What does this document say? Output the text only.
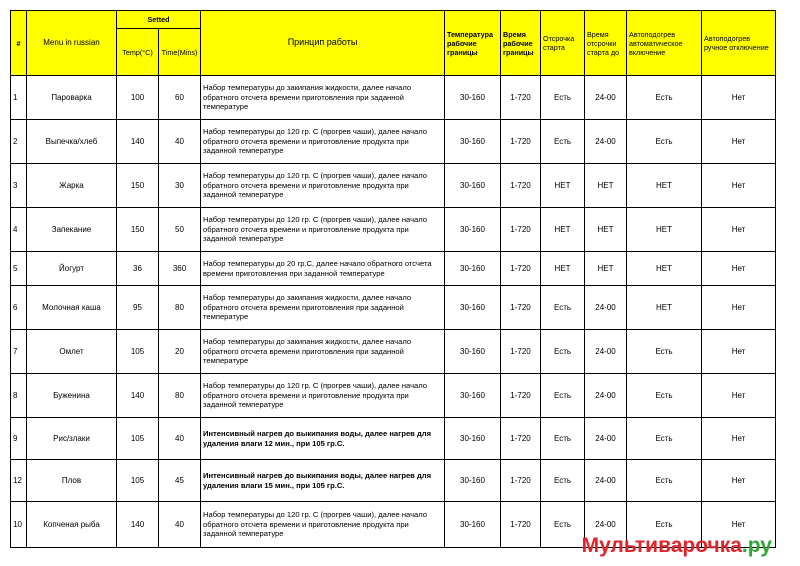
#	Menu in russian	Setted		Принцип работы	Температура рабочие границы	Время рабочие границы	Отсрочка старта	Время отсрочки старта до	Автоподогрев автоматическое включение	Автоподогрев ручное отключение
		Temp(°C)	Time(Mins)							
1	Пароварка	100	60	Набор температуры до закипания жидкости, далее начало обратного отсчета времени приготовления при заданной температуре	30-160	1-720	Есть	24-00	Есть	Нет
2	Выпечка/хлеб	140	40	Набор температуры до 120 гр. С (прогрев чаши), далее начало обратного отсчета времени и приготовление продукта при заданной температуре	30-160	1-720	Есть	24-00	Есть	Нет
3	Жарка	150	30	Набор температуры до 120 гр. С (прогрев чаши), далее начало обратного отсчета времени и приготовление продукта при заданной температуре	30-160	1-720	НЕТ	НЕТ	НЕТ	Нет
4	Запекание	150	50	Набор температуры до 120 гр. С (прогрев чаши), далее начало обратного отсчета времени и приготовление продукта при заданной температуре	30-160	1-720	НЕТ	НЕТ	НЕТ	Нет
5	Йогурт	36	360	Набор температуры до 20 гр.С, далее начало обратного отсчета времени приготовления при заданной температуре	30-160	1-720	НЕТ	НЕТ	НЕТ	Нет
6	Молочная каша	95	80	Набор температуры до закипания жидкости, далее начало обратного отсчета времени приготовления при заданной температуре	30-160	1-720	Есть	24-00	НЕТ	Нет
7	Омлет	105	20	Набор температуры до закипания жидкости, далее начало обратного отсчета времени приготовления при заданной температуре	30-160	1-720	Есть	24-00	Есть	Нет
8	Буженина	140	80	Набор температуры до 120 гр. С (прогрев чаши), далее начало обратного отсчета времени и приготовление продукта при заданной температуре	30-160	1-720	Есть	24-00	Есть	Нет
9	Рис/злаки	105	40	Интенсивный нагрев до выкипания воды, далее нагрев для удаления влаги 12 мин., при 105 гр.С.	30-160	1-720	Есть	24-00	Есть	Нет
12	Плов	105	45	Интенсивный нагрев до выкипания воды, далее нагрев для удаления влаги 15 мин., при 105 гр.С.	30-160	1-720	Есть	24-00	Есть	Нет
10	Копченая рыба	140	40	Набор температуры до 120 гр. С (прогрев чаши), далее начало обратного отсчета времени и приготовление продукта при заданной температуре	30-160	1-720	Есть	24-00	Есть	Нет
Мультиварочка.ру
